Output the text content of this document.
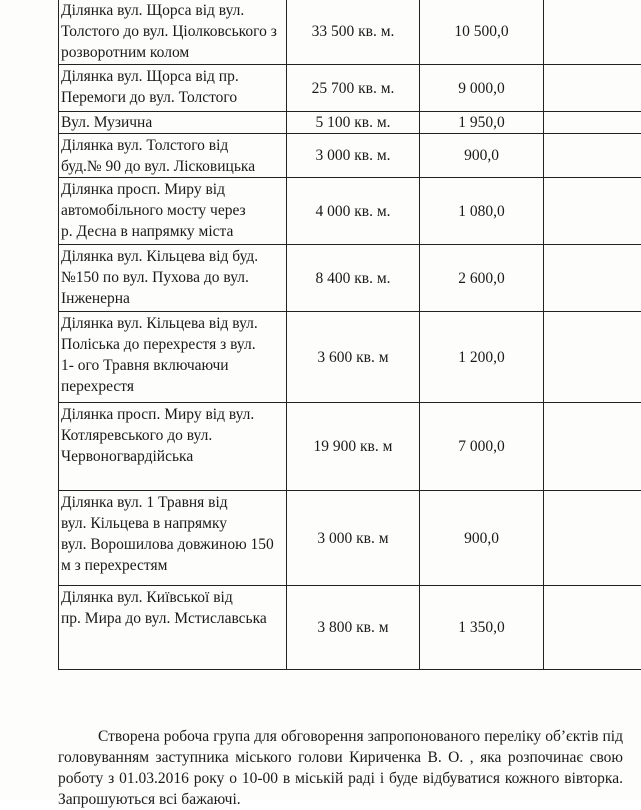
Ділянка вул. Щорса від вул.
Толстого до вул. Ціолковського з
розворотним колом	33 500 кв. м.	10 500,0	

Ділянка вул. Щорса від пр.
Перемоги до вул. Толстого	25 700 кв. м.	9 000,0	

Вул. Музична	5 100 кв. м.	1 950,0	

Ділянка вул. Толстого від
буд.№ 90 до вул. Лісковицька	3 000 кв. м.	900,0	

Ділянка просп. Миру від
автомобільного мосту через
р. Десна в напрямку міста	4 000 кв. м.	1 080,0	

Ділянка вул. Кільцева від буд.
№150 по вул. Пухова до вул.
Інженерна	8 400 кв. м.	2 600,0	

Ділянка вул. Кільцева від вул.
Поліська до перехрестя з вул.
1- ого Травня включаючи
перехрестя	3 600 кв. м	1 200,0	

Ділянка просп. Миру від вул.
Котляревського до вул.
Червоногвардійська	19 900 кв. м	7 000,0	

Ділянка вул. 1 Травня від
вул. Кільцева в напрямку
вул. Ворошилова довжиною 150
м з перехрестям	3 000 кв. м	900,0	

Ділянка вул. Київської від
пр. Мира до вул. Мстиславська	3 800 кв. м	1 350,0	

Створена робоча група для обговорення запропонованого переліку об’єктів під головуванням заступника міського голови Кириченка В. О. , яка розпочинає свою роботу з 01.03.2016 року о 10-00 в міській раді і буде відбуватися кожного вівторка. Запрошуються всі бажаючі.
